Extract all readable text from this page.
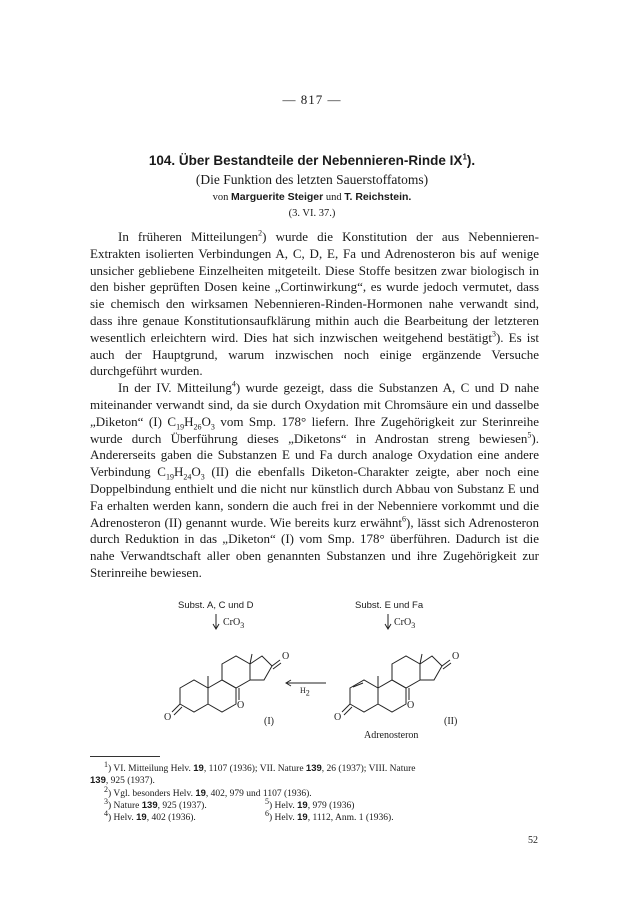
— 817 —
104. Über Bestandteile der Nebennieren-Rinde $IX^1$).
(Die Funktion des letzten Sauerstoffatoms)
von Marguerite Steiger und T. Reichstein.
(3. VI. 37.)

In früheren Mitteilungen$^2$) wurde die Konstitution der aus Nebennieren-Extrakten isolierten Verbindungen A, C, D, E, Fa und Adrenosteron bis auf wenige unsicher gebliebene Einzelheiten mitgeteilt. Diese Stoffe besitzen zwar biologisch in den bisher geprüften Dosen keine „Cortinwirkung“, es wurde jedoch vermutet, dass sie chemisch den wirksamen Nebennieren-Rinden-Hormonen nahe verwandt sind, dass ihre genaue Konstitutionsaufklärung mithin auch die Bearbeitung der letzteren wesentlich erleichtern wird. Dies hat sich inzwischen weitgehend bestätigt$^3$). Es ist auch der Hauptgrund, warum inzwischen noch einige ergänzende Versuche durchgeführt wurden.

In der IV. Mitteilung$^4$) wurde gezeigt, dass die Substanzen A, C und D nahe miteinander verwandt sind, da sie durch Oxydation mit Chromsäure ein und dasselbe „Diketon“ (I) $C_{19}H_{26}O_3$ vom Smp. 178° liefern. Ihre Zugehörigkeit zur Sterinreihe wurde durch Überführung dieses „Diketons“ in Androstan streng bewiesen$^5$). Andererseits gaben die Substanzen E und Fa durch analoge Oxydation eine andere Verbindung $C_{19}H_{24}O_3$ (II) die ebenfalls Diketon-Charakter zeigte, aber noch eine Doppelbindung enthielt und die nicht nur künstlich durch Abbau von Substanz E und Fa erhalten werden kann, sondern die auch frei in der Nebenniere vorkommt und die Adrenosteron (II) genannt wurde. Wie bereits kurz erwähnt$^6$), lässt sich Adrenosteron durch Reduktion in das „Diketon“ (I) vom Smp. 178° überführen. Dadurch ist die nahe Verwandtschaft aller oben genannten Substanzen und ihre Zugehörigkeit zur Sterinreihe bewiesen.

Subst. A, C und D	Subst. E und Fa
CrO$_3$	CrO$_3$
O
O
O
O
O
O
$H_2$
(I)	(II)
Adrenosteron
$^1$) VI. Mitteilung Helv. 19, 1107 (1936); VII. Nature 139, 26 (1937); VIII. Nature
139, 925 (1937).
$^2$) Vgl. besonders Helv. 19, 402, 979 und 1107 (1936).
$^3$) Nature 139, 925 (1937).	$^5$) Helv. 19, 979 (1936)
$^4$) Helv. 19, 402 (1936).	$^6$) Helv. 19, 1112, Anm. 1 (1936).
52
